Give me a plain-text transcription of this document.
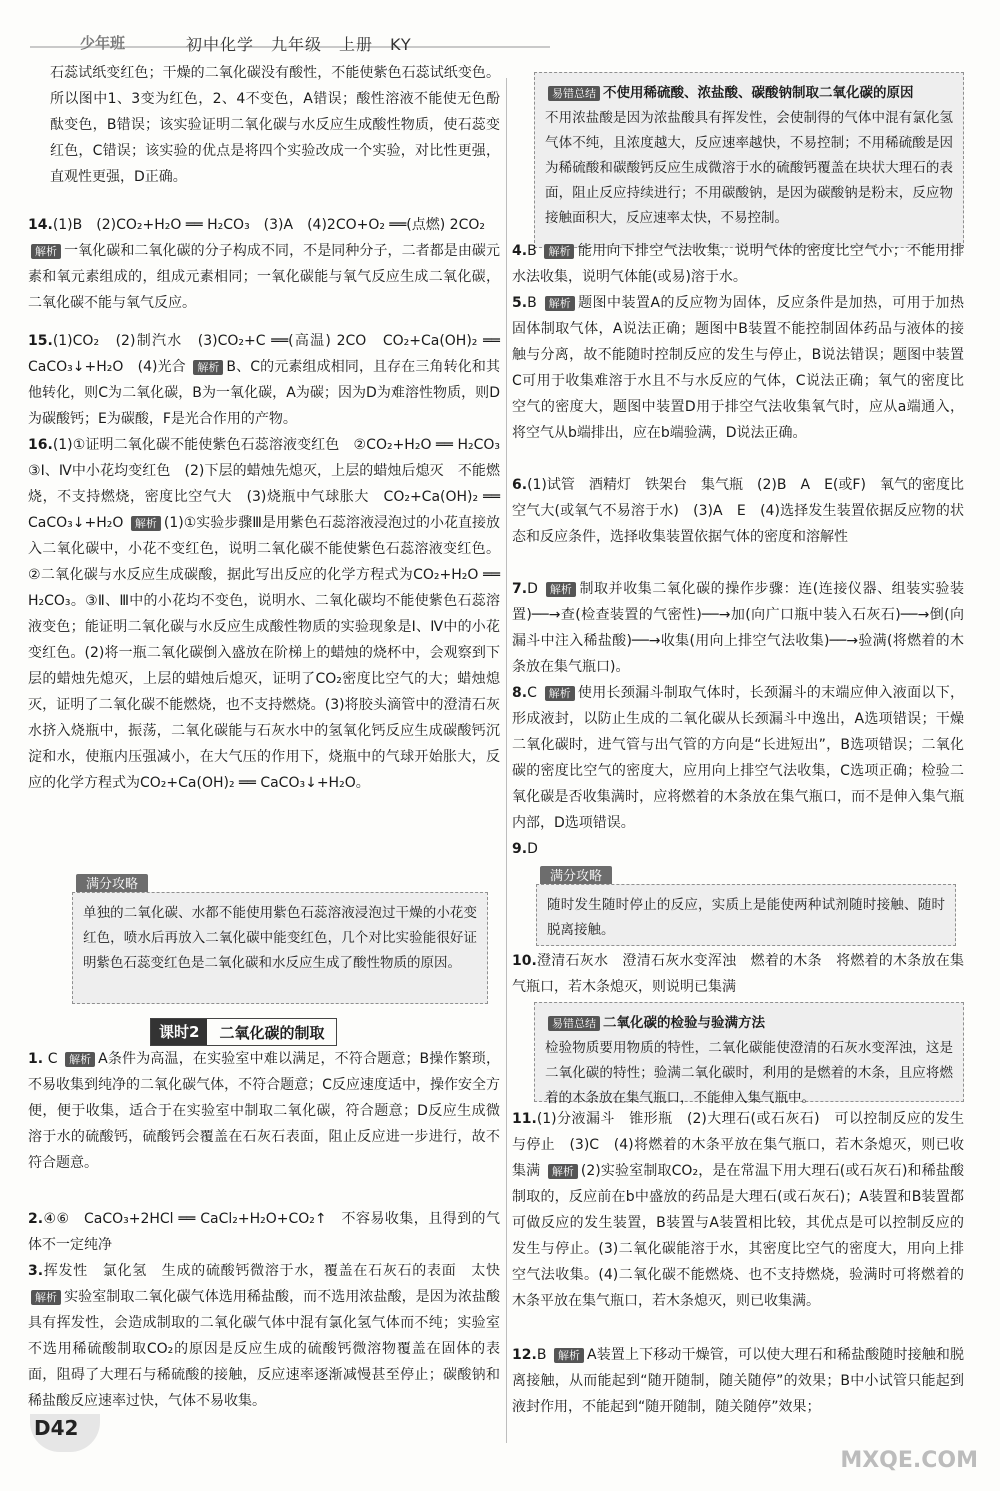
少年班	初中化学　九年级　上册　KY
石蕊试纸变红色；干燥的二氧化碳没有酸性，不能使紫色石蕊试纸变色。所以图中1、3变为红色，2、4不变色，A错误；酸性溶液不能使无色酚酞变色，B错误；该实验证明二氧化碳与水反应生成酸性物质，使石蕊变红色，C错误；该实验的优点是将四个实验改成一个实验，对比性更强，直观性更强，D正确。
14.(1)B　(2)CO₂+H₂O ══ H₂CO₃　(3)A　(4)2CO+O₂ ══(点燃) 2CO₂
解析 一氧化碳和二氧化碳的分子构成不同，不是同种分子，二者都是由碳元素和氧元素组成的，组成元素相同；一氧化碳能与氧气反应生成二氧化碳，二氧化碳不能与氧气反应。
15.(1)CO₂　(2)制汽水　(3)CO₂+C ══(高温) 2CO　CO₂+Ca(OH)₂ ══ CaCO₃↓+H₂O　(4)光合 解析 B、C的元素组成相同，且存在三角转化和其他转化，则C为二氧化碳，B为一氧化碳，A为碳；因为D为难溶性物质，则D为碳酸钙；E为碳酸，F是光合作用的产物。
16.(1)①证明二氧化碳不能使紫色石蕊溶液变红色　②CO₂+H₂O ══ H₂CO₃　③Ⅰ、Ⅳ中小花均变红色　(2)下层的蜡烛先熄灭，上层的蜡烛后熄灭　不能燃烧，不支持燃烧，密度比空气大　(3)烧瓶中气球胀大　CO₂+Ca(OH)₂ ══ CaCO₃↓+H₂O 解析 (1)①实验步骤Ⅲ是用紫色石蕊溶液浸泡过的小花直接放入二氧化碳中，小花不变红色，说明二氧化碳不能使紫色石蕊溶液变红色。②二氧化碳与水反应生成碳酸，据此写出反应的化学方程式为CO₂+H₂O ══ H₂CO₃。③Ⅱ、Ⅲ中的小花均不变色，说明水、二氧化碳均不能使紫色石蕊溶液变色；能证明二氧化碳与水反应生成酸性物质的实验现象是Ⅰ、Ⅳ中的小花变红色。(2)将一瓶二氧化碳倒入盛放在阶梯上的蜡烛的烧杯中，会观察到下层的蜡烛先熄灭，上层的蜡烛后熄灭，证明了CO₂密度比空气的大；蜡烛熄灭，证明了二氧化碳不能燃烧，也不支持燃烧。(3)将胶头滴管中的澄清石灰水挤入烧瓶中，振荡，二氧化碳能与石灰水中的氢氧化钙反应生成碳酸钙沉淀和水，使瓶内压强减小，在大气压的作用下，烧瓶中的气球开始胀大，反应的化学方程式为CO₂+Ca(OH)₂ ══ CaCO₃↓+H₂O。
满分攻略
单独的二氧化碳、水都不能使用紫色石蕊溶液浸泡过干燥的小花变红色，喷水后再放入二氧化碳中能变红色，几个对比实验能很好证明紫色石蕊变红色是二氧化碳和水反应生成了酸性物质的原因。
1. C 解析 A条件为高温，在实验室中难以满足，不符合题意；B操作繁琐，不易收集到纯净的二氧化碳气体，不符合题意；C反应速度适中，操作安全方便，便于收集，适合于在实验室中制取二氧化碳，符合题意；D反应生成微溶于水的硫酸钙，硫酸钙会覆盖在石灰石表面，阻止反应进一步进行，故不符合题意。
2.④⑥　CaCO₃+2HCl ══ CaCl₂+H₂O+CO₂↑　不容易收集，且得到的气体不一定纯净
3.挥发性　氯化氢　生成的硫酸钙微溶于水，覆盖在石灰石的表面　太快 解析 实验室制取二氧化碳气体选用稀盐酸，而不选用浓盐酸，是因为浓盐酸具有挥发性，会造成制取的二氧化碳气体中混有氯化氢气体而不纯；实验室不选用稀硫酸制取CO₂的原因是反应生成的硫酸钙微溶物覆盖在固体的表面，阻碍了大理石与稀硫酸的接触，反应速率逐渐减慢甚至停止；碳酸钠和稀盐酸反应速率过快，气体不易收集。
课时2	二氧化碳的制取
易错总结 不使用稀硫酸、浓盐酸、碳酸钠制取二氧化碳的原因
不用浓盐酸是因为浓盐酸具有挥发性，会使制得的气体中混有氯化氢气体不纯，且浓度越大，反应速率越快，不易控制；不用稀硫酸是因为稀硫酸和碳酸钙反应生成微溶于水的硫酸钙覆盖在块状大理石的表面，阻止反应持续进行；不用碳酸钠，是因为碳酸钠是粉末，反应物接触面积大，反应速率太快，不易控制。
4.B 解析 能用向下排空气法收集，说明气体的密度比空气小；不能用排水法收集，说明气体能(或易)溶于水。
5.B 解析 题图中装置A的反应物为固体，反应条件是加热，可用于加热固体制取气体，A说法正确；题图中B装置不能控制固体药品与液体的接触与分离，故不能随时控制反应的发生与停止，B说法错误；题图中装置C可用于收集难溶于水且不与水反应的气体，C说法正确；氧气的密度比空气的密度大，题图中装置D用于排空气法收集氧气时，应从a端通入，将空气从b端排出，应在b端验满，D说法正确。
6.(1)试管　酒精灯　铁架台　集气瓶　(2)B　A　E(或F)　氧气的密度比空气大(或氧气不易溶于水)　(3)A　E　(4)选择发生装置依据反应物的状态和反应条件，选择收集装置依据气体的密度和溶解性
7.D 解析 制取并收集二氧化碳的操作步骤：连(连接仪器、组装实验装置)──→查(检查装置的气密性)──→加(向广口瓶中装入石灰石)──→倒(向漏斗中注入稀盐酸)──→收集(用向上排空气法收集)──→验满(将燃着的木条放在集气瓶口)。
8.C 解析 使用长颈漏斗制取气体时，长颈漏斗的末端应伸入液面以下，形成液封，以防止生成的二氧化碳从长颈漏斗中逸出，A选项错误；干燥二氧化碳时，进气管与出气管的方向是“长进短出”，B选项错误；二氧化碳的密度比空气的密度大，应用向上排空气法收集，C选项正确；检验二氧化碳是否收集满时，应将燃着的木条放在集气瓶口，而不是伸入集气瓶内部，D选项错误。
9.D
满分攻略
随时发生随时停止的反应，实质上是能使两种试剂随时接触、随时脱离接触。
10.澄清石灰水　澄清石灰水变浑浊　燃着的木条　将燃着的木条放在集气瓶口，若木条熄灭，则说明已集满
易错总结 二氧化碳的检验与验满方法
检验物质要用物质的特性，二氧化碳能使澄清的石灰水变浑浊，这是二氧化碳的特性；验满二氧化碳时，利用的是燃着的木条，且应将燃着的木条放在集气瓶口，不能伸入集气瓶中。
11.(1)分液漏斗　锥形瓶　(2)大理石(或石灰石)　可以控制反应的发生与停止　(3)C　(4)将燃着的木条平放在集气瓶口，若木条熄灭，则已收集满 解析 (2)实验室制取CO₂，是在常温下用大理石(或石灰石)和稀盐酸制取的，反应前在b中盛放的药品是大理石(或石灰石)；A装置和B装置都可做反应的发生装置，B装置与A装置相比较，其优点是可以控制反应的发生与停止。(3)二氧化碳能溶于水，其密度比空气的密度大，用向上排空气法收集。(4)二氧化碳不能燃烧、也不支持燃烧，验满时可将燃着的木条平放在集气瓶口，若木条熄灭，则已收集满。
12.B 解析 A装置上下移动干燥管，可以使大理石和稀盐酸随时接触和脱离接触，从而能起到“随开随制，随关随停”的效果；B中小试管只能起到液封作用，不能起到“随开随制，随关随停”效果；
D42
MXQE.COM
